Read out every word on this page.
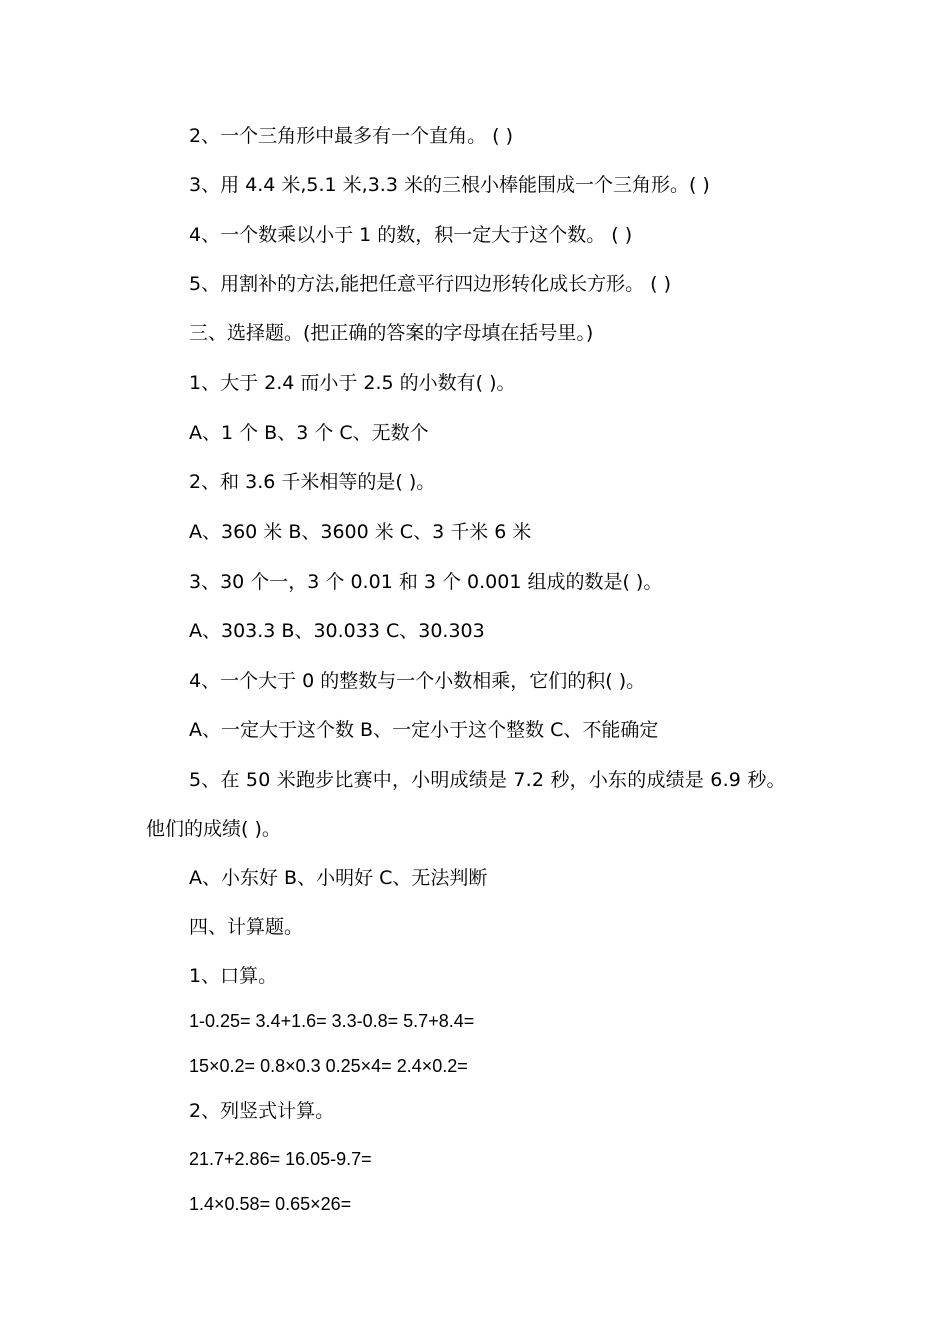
2、一个三角形中最多有一个直角。 ( )
3、用 4.4 米,5.1 米,3.3 米的三根小棒能围成一个三角形。( )
4、一个数乘以小于 1 的数，积一定大于这个数。 ( )
5、用割补的方法,能把任意平行四边形转化成长方形。 ( )
三、选择题。(把正确的答案的字母填在括号里。)
1、大于 2.4 而小于 2.5 的小数有( )。
A、1 个 B、3 个 C、无数个
2、和 3.6 千米相等的是( )。
A、360 米 B、3600 米 C、3 千米 6 米
3、30 个一，3 个 0.01 和 3 个 0.001 组成的数是( )。
A、303.3 B、30.033 C、30.303
4、一个大于 0 的整数与一个小数相乘，它们的积( )。
A、一定大于这个数 B、一定小于这个整数 C、不能确定
5、在 50 米跑步比赛中，小明成绩是 7.2 秒，小东的成绩是 6.9 秒。
他们的成绩( )。
A、小东好 B、小明好 C、无法判断
四、计算题。
1、口算。
1-0.25= 3.4+1.6= 3.3-0.8= 5.7+8.4=
15×0.2= 0.8×0.3 0.25×4= 2.4×0.2=
2、列竖式计算。
21.7+2.86= 16.05-9.7=
1.4×0.58= 0.65×26=
